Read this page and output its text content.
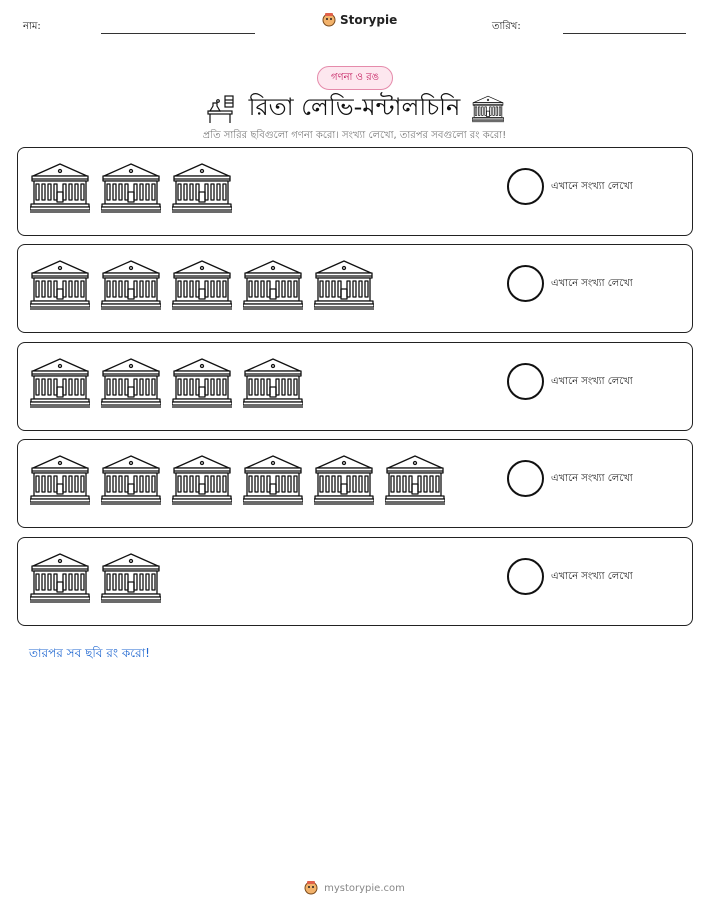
নাম:	Storypie	তারিখ:
গণনা ও রঙ
রিতা লেভি-মন্টালচিনি
প্রতি সারির ছবিগুলো গণনা করো। সংখ্যা লেখো, তারপর সবগুলো রং করো!
এখানে সংখ্যা লেখো
এখানে সংখ্যা লেখো
এখানে সংখ্যা লেখো
এখানে সংখ্যা লেখো
এখানে সংখ্যা লেখো
তারপর সব ছবি রং করো!
mystorypie.com
